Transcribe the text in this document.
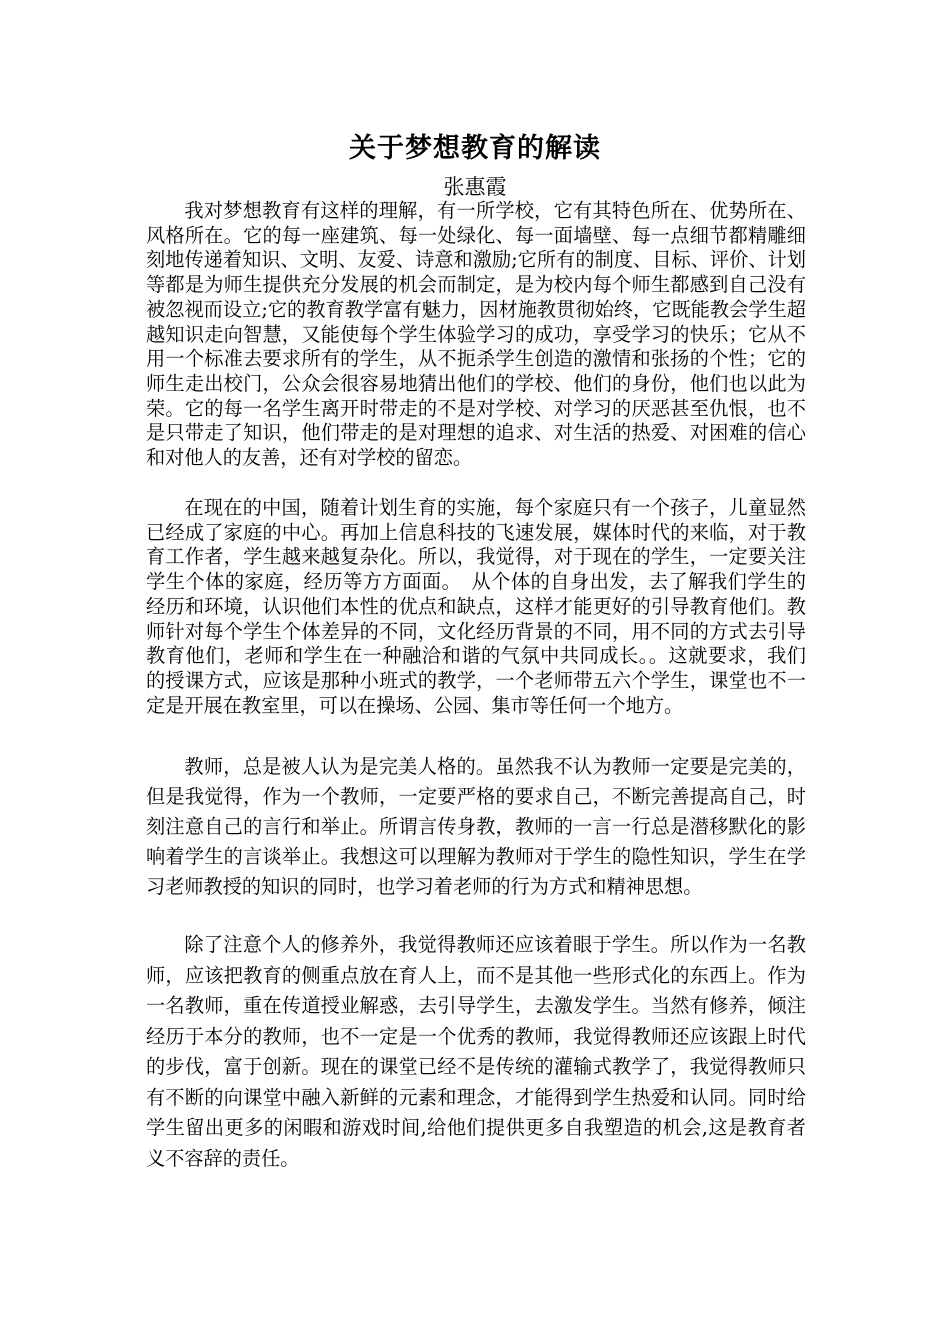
关于梦想教育的解读
张惠霞

我对梦想教育有这样的理解，有一所学校，它有其特色所在、优势所在、风格所在。它的每一座建筑、每一处绿化、每一面墙壁、每一点细节都精雕细刻地传递着知识、文明、友爱、诗意和激励;它所有的制度、目标、评价、计划等都是为师生提供充分发展的机会而制定，是为校内每个师生都感到自己没有被忽视而设立;它的教育教学富有魅力，因材施教贯彻始终，它既能教会学生超越知识走向智慧，又能使每个学生体验学习的成功，享受学习的快乐；它从不用一个标准去要求所有的学生，从不扼杀学生创造的激情和张扬的个性；它的师生走出校门，公众会很容易地猜出他们的学校、他们的身份，他们也以此为荣。它的每一名学生离开时带走的不是对学校、对学习的厌恶甚至仇恨，也不是只带走了知识，他们带走的是对理想的追求、对生活的热爱、对困难的信心和对他人的友善，还有对学校的留恋。

在现在的中国，随着计划生育的实施，每个家庭只有一个孩子，儿童显然已经成了家庭的中心。再加上信息科技的飞速发展，媒体时代的来临，对于教育工作者，学生越来越复杂化。所以，我觉得，对于现在的学生，一定要关注学生个体的家庭，经历等方方面面。　从个体的自身出发，去了解我们学生的经历和环境，认识他们本性的优点和缺点，这样才能更好的引导教育他们。教师针对每个学生个体差异的不同，文化经历背景的不同，用不同的方式去引导教育他们，老师和学生在一种融洽和谐的气氛中共同成长。。这就要求，我们的授课方式，应该是那种小班式的教学，一个老师带五六个学生，课堂也不一定是开展在教室里，可以在操场、公园、集市等任何一个地方。

教师，总是被人认为是完美人格的。虽然我不认为教师一定要是完美的，但是我觉得，作为一个教师，一定要严格的要求自己，不断完善提高自己，时刻注意自己的言行和举止。所谓言传身教，教师的一言一行总是潜移默化的影响着学生的言谈举止。我想这可以理解为教师对于学生的隐性知识，学生在学习老师教授的知识的同时，也学习着老师的行为方式和精神思想。

除了注意个人的修养外，我觉得教师还应该着眼于学生。所以作为一名教师，应该把教育的侧重点放在育人上，而不是其他一些形式化的东西上。作为一名教师，重在传道授业解惑，去引导学生，去激发学生。当然有修养，倾注经历于本分的教师，也不一定是一个优秀的教师，我觉得教师还应该跟上时代的步伐，富于创新。现在的课堂已经不是传统的灌输式教学了，我觉得教师只有不断的向课堂中融入新鲜的元素和理念，才能得到学生热爱和认同。同时给学生留出更多的闲暇和游戏时间,给他们提供更多自我塑造的机会,这是教育者义不容辞的责任。
